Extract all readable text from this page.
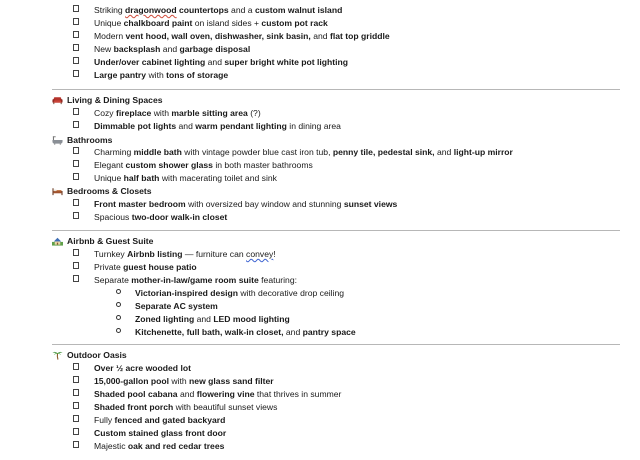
Striking dragonwood countertops and a custom walnut island
Unique chalkboard paint on island sides + custom pot rack
Modern vent hood, wall oven, dishwasher, sink basin, and flat top griddle
New backsplash and garbage disposal
Under/over cabinet lighting and super bright white pot lighting
Large pantry with tons of storage
Living & Dining Spaces
Cozy fireplace with marble sitting area (?)
Dimmable pot lights and warm pendant lighting in dining area
Bathrooms
Charming middle bath with vintage powder blue cast iron tub, penny tile, pedestal sink, and light-up mirror
Elegant custom shower glass in both master bathrooms
Unique half bath with macerating toilet and sink
Bedrooms & Closets
Front master bedroom with oversized bay window and stunning sunset views
Spacious two-door walk-in closet
Airbnb & Guest Suite
Turnkey Airbnb listing — furniture can convey!
Private guest house patio
Separate mother-in-law/game room suite featuring:
Victorian-inspired design with decorative drop ceiling
Separate AC system
Zoned lighting and LED mood lighting
Kitchenette, full bath, walk-in closet, and pantry space
Outdoor Oasis
Over ½ acre wooded lot
15,000-gallon pool with new glass sand filter
Shaded pool cabana and flowering vine that thrives in summer
Shaded front porch with beautiful sunset views
Fully fenced and gated backyard
Custom stained glass front door
Majestic oak and red cedar trees
